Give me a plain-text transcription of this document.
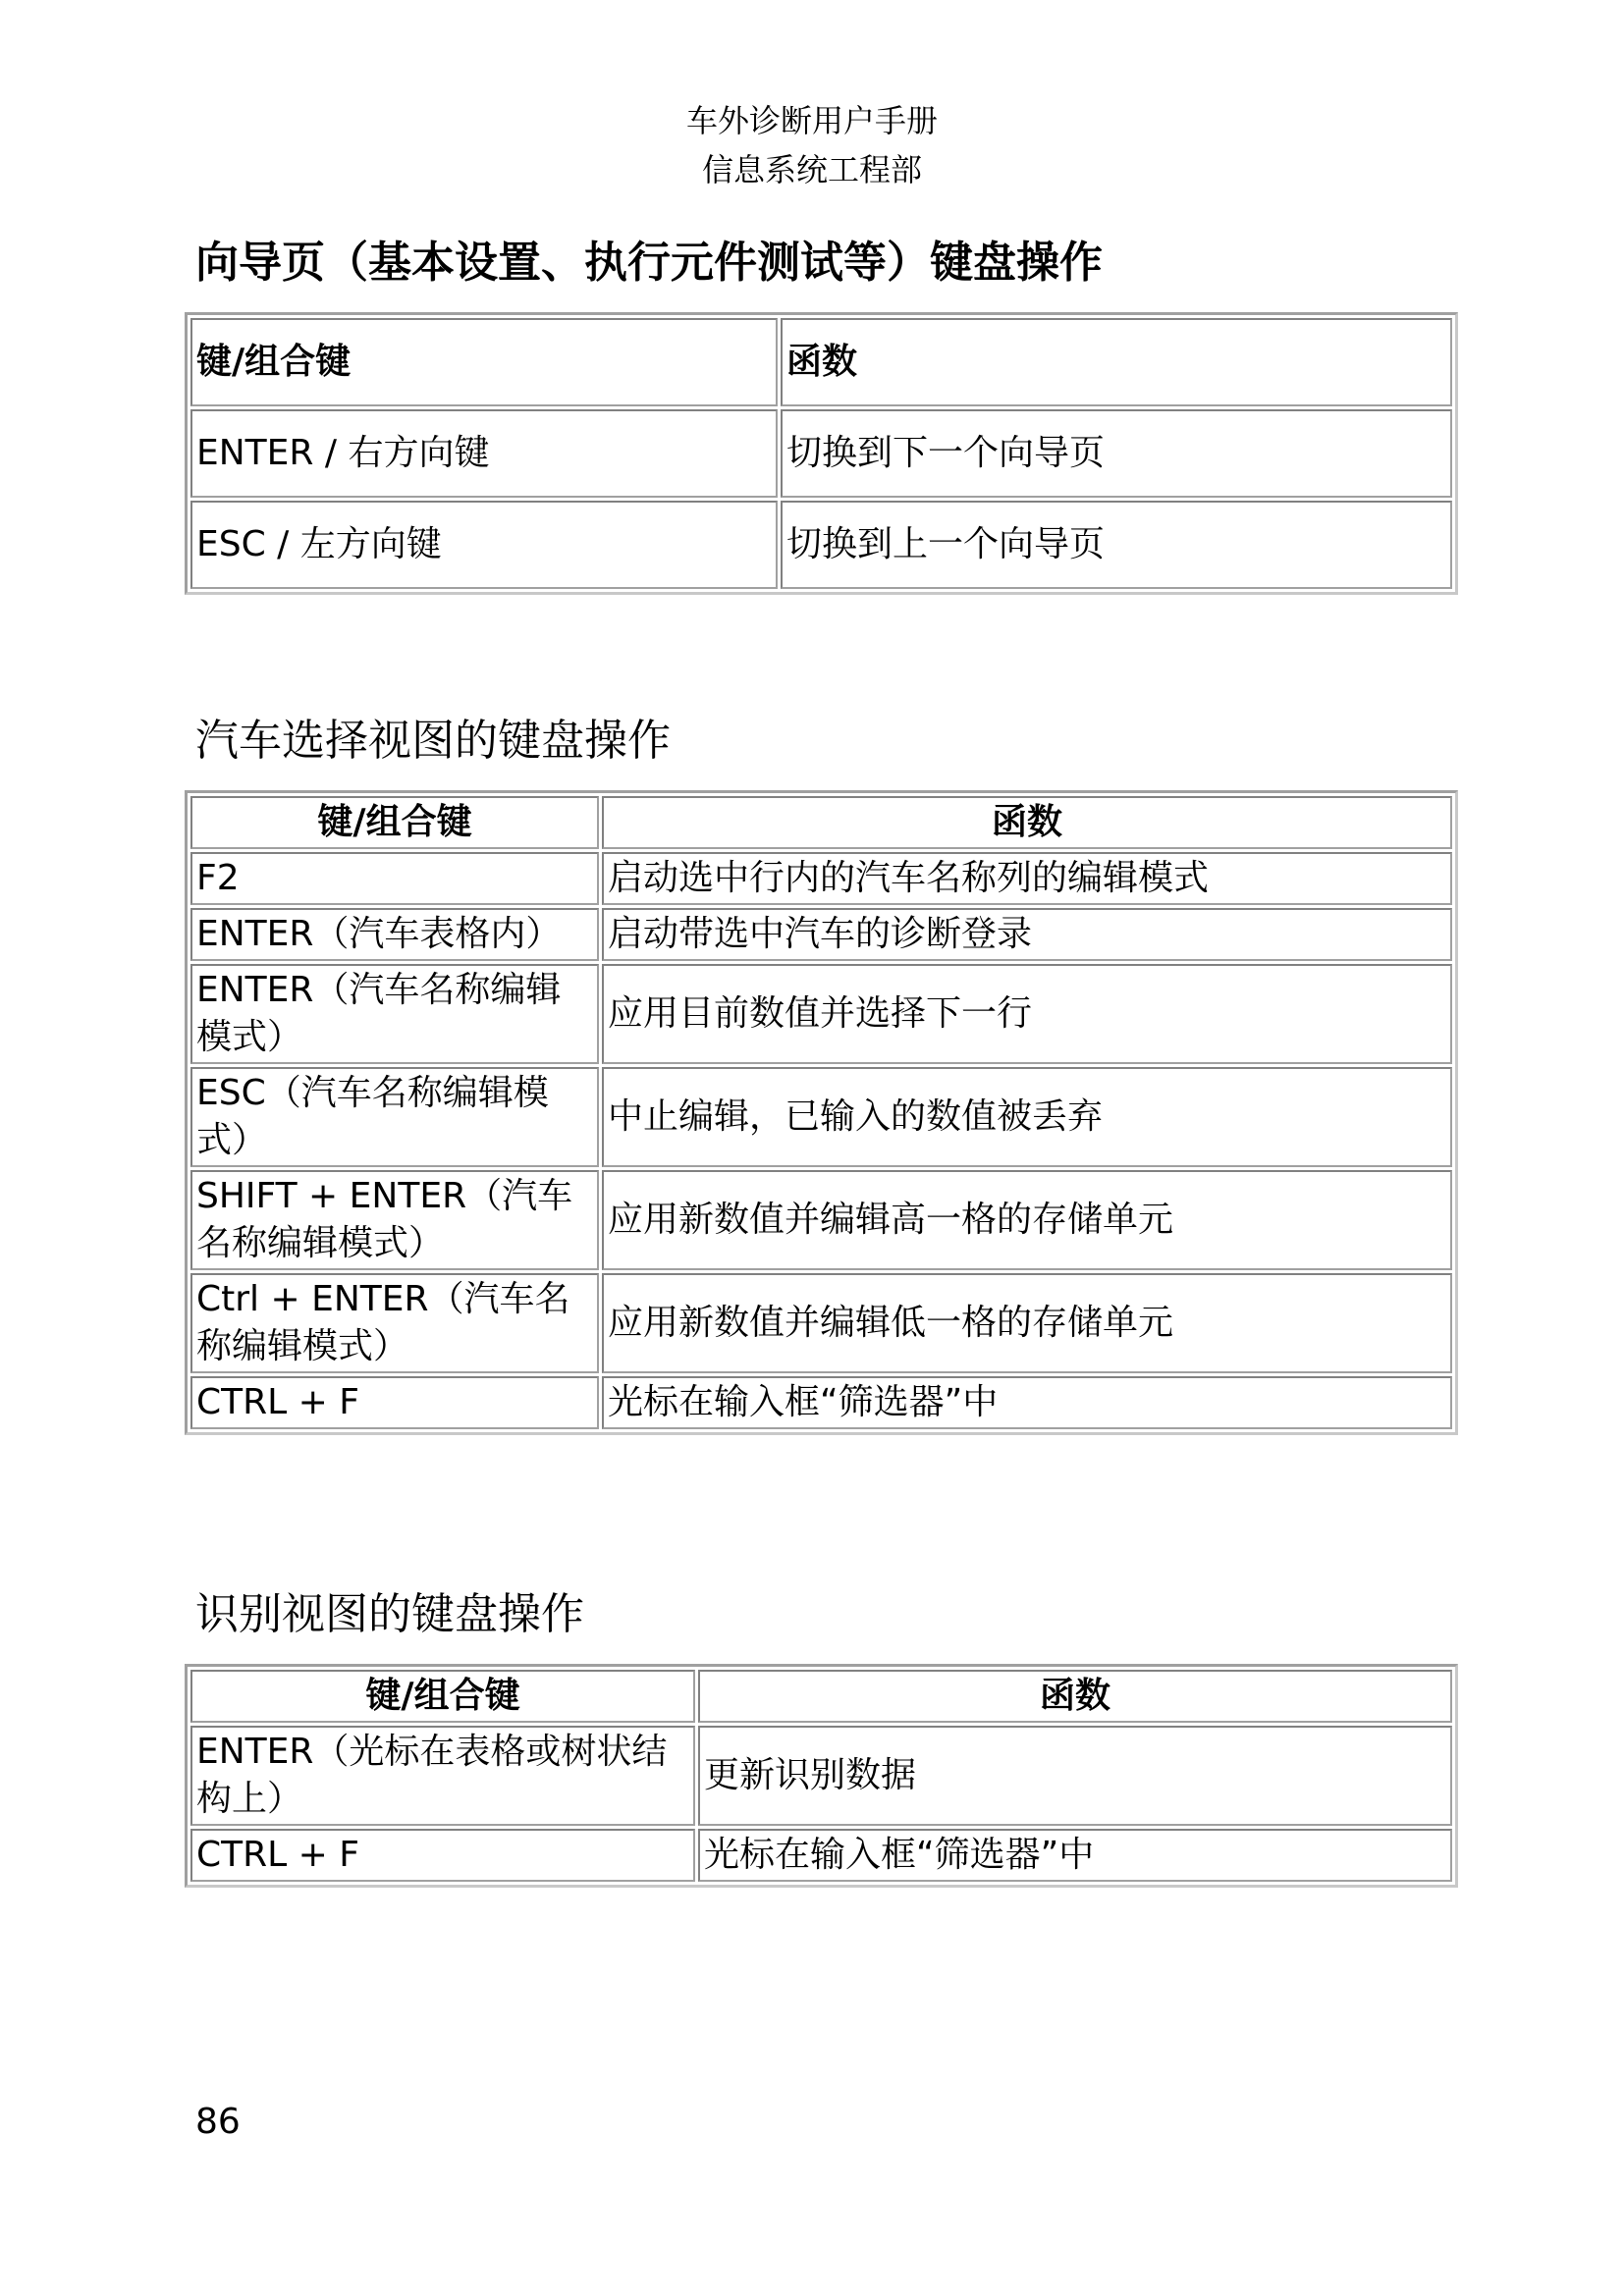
车外诊断用户手册
信息系统工程部
向导页（基本设置、执行元件测试等）键盘操作
键/组合键	函数
ENTER / 右方向键	切换到下一个向导页
ESC / 左方向键	切换到上一个向导页
汽车选择视图的键盘操作
键/组合键	函数
F2	启动选中行内的汽车名称列的编辑模式
ENTER（汽车表格内）	启动带选中汽车的诊断登录
ENTER（汽车名称编辑模式）	应用目前数值并选择下一行
ESC（汽车名称编辑模式）	中止编辑，已输入的数值被丢弃
SHIFT + ENTER（汽车名称编辑模式）	应用新数值并编辑高一格的存储单元
Ctrl + ENTER（汽车名称编辑模式）	应用新数值并编辑低一格的存储单元
CTRL + F	光标在输入框“筛选器”中
识别视图的键盘操作
键/组合键	函数
ENTER（光标在表格或树状结构上）	更新识别数据
CTRL + F	光标在输入框“筛选器”中
86
